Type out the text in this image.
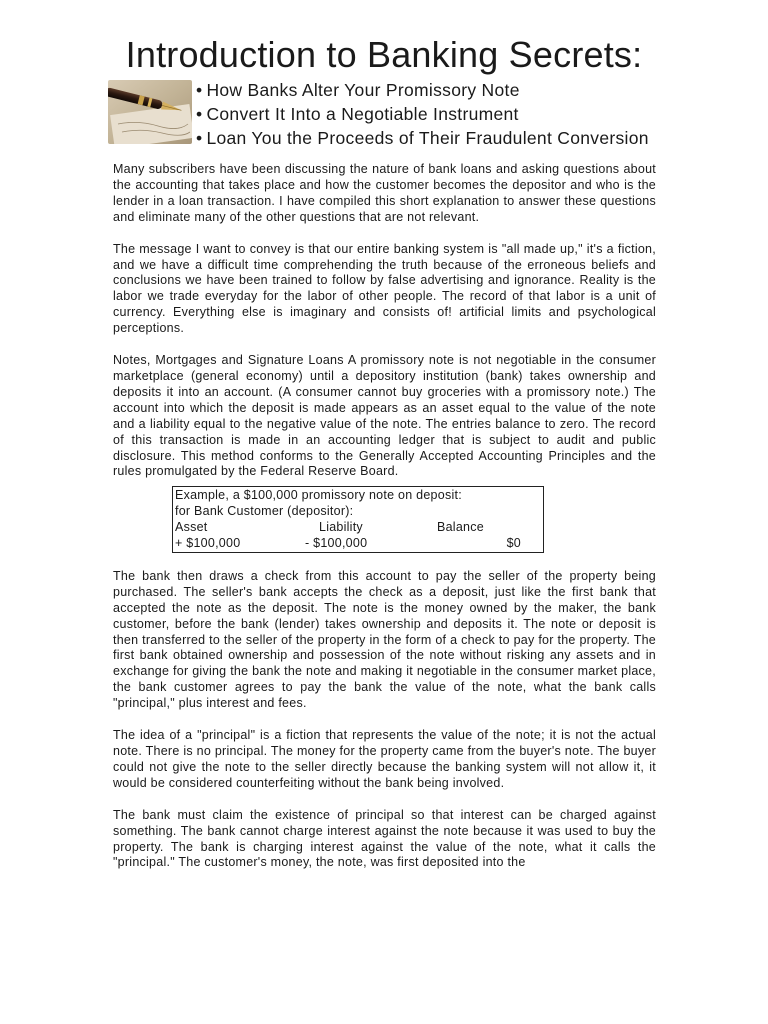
Introduction to Banking Secrets:
• How Banks Alter Your Promissory Note
• Convert It Into a Negotiable Instrument
• Loan You the Proceeds of Their Fraudulent Conversion

Many subscribers have been discussing the nature of bank loans and asking questions about the accounting that takes place and how the customer becomes the depositor and who is the lender in a loan transaction. I have compiled this short explanation to answer these questions and eliminate many of the other questions that are not relevant.

The message I want to convey is that our entire banking system is "all made up," it's a fiction, and we have a difficult time comprehending the truth because of the erroneous beliefs and conclusions we have been trained to follow by false advertising and ignorance. Reality is the labor we trade everyday for the labor of other people. The record of that labor is a unit of currency. Everything else is imaginary and consists of! artificial limits and psychological perceptions.

Notes, Mortgages and Signature Loans A promissory note is not negotiable in the consumer marketplace (general economy) until a depository institution (bank) takes ownership and deposits it into an account. (A consumer cannot buy groceries with a promissory note.) The account into which the deposit is made appears as an asset equal to the value of the note and a liability equal to the negative value of the note. The entries balance to zero. The record of this transaction is made in an accounting ledger that is subject to audit and public disclosure. This method conforms to the Generally Accepted Accounting Principles and the rules promulgated by the Federal Reserve Board.

Example, a $100,000 promissory note on deposit:
for Bank Customer (depositor):
Asset	Liability	Balance
+ $100,000	- $100,000	$0

The bank then draws a check from this account to pay the seller of the property being purchased. The seller's bank accepts the check as a deposit, just like the first bank that accepted the note as the deposit. The note is the money owned by the maker, the bank customer, before the bank (lender) takes ownership and deposits it. The note or deposit is then transferred to the seller of the property in the form of a check to pay for the property. The first bank obtained ownership and possession of the note without risking any assets and in exchange for giving the bank the note and making it negotiable in the consumer market place, the bank customer agrees to pay the bank the value of the note, what the bank calls "principal," plus interest and fees.

The idea of a "principal" is a fiction that represents the value of the note; it is not the actual note. There is no principal. The money for the property came from the buyer's note. The buyer could not give the note to the seller directly because the banking system will not allow it, it would be considered counterfeiting without the bank being involved.

The bank must claim the existence of principal so that interest can be charged against something. The bank cannot charge interest against the note because it was used to buy the property. The bank is charging interest against the value of the note, what it calls the "principal." The customer's money, the note, was first deposited into the
